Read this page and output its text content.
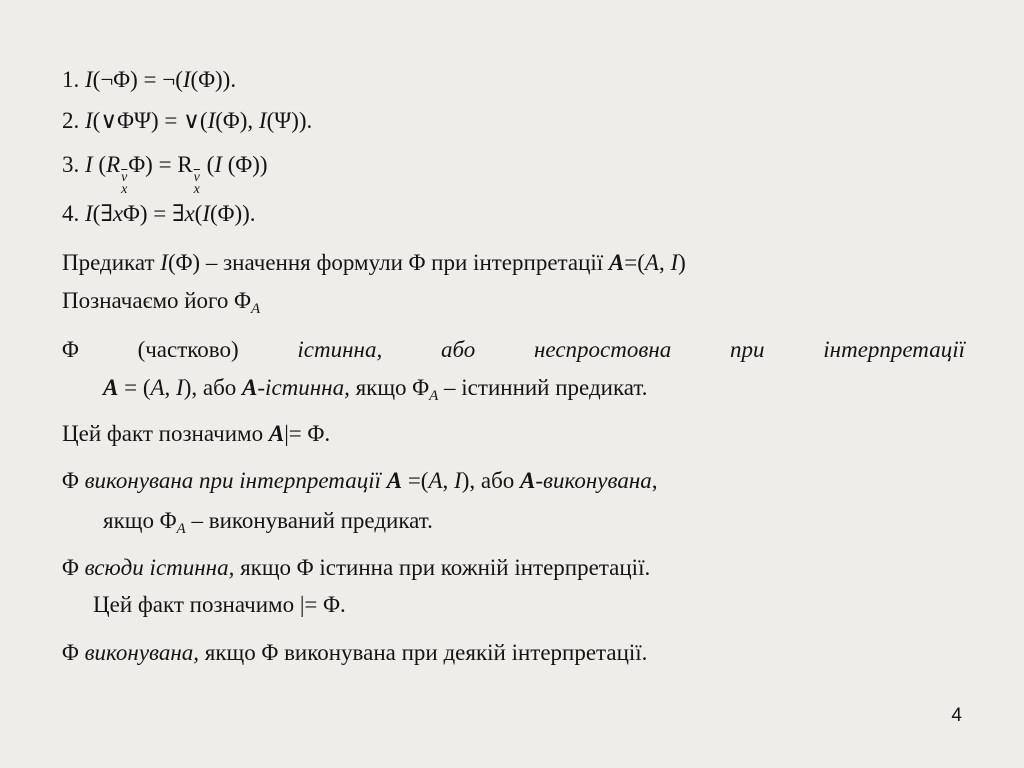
1. I(¬Φ) = ¬(I(Φ)).
2. I(∨ΦΨ) = ∨(I(Φ), I(Ψ)).
3. I (R
$\overline{v}$
x
Φ) = R
$\overline{v}$
x
(I (Φ))
4. I(∃xΦ) = ∃x(I(Φ)).
Предикат I(Φ) – значення формули Φ при інтерпретації A=(A, I)
Позначаємо його $\Phi_A$
Φ	(частково)	істинна,	або	неспростовна	при	інтерпретації
A = (A, I), або A-істинна, якщо $\Phi_A$ – істинний предикат.
Цей факт позначимо A|= Φ.
Φ виконувана при інтерпретації A =(A, I), або A-виконувана,
якщо $\Phi_A$ – виконуваний предикат.
Φ всюди істинна, якщо Φ істинна при кожній інтерпретації.
Цей факт позначимо |= Φ.
Φ виконувана, якщо Φ виконувана при деякій інтерпретації.
4
